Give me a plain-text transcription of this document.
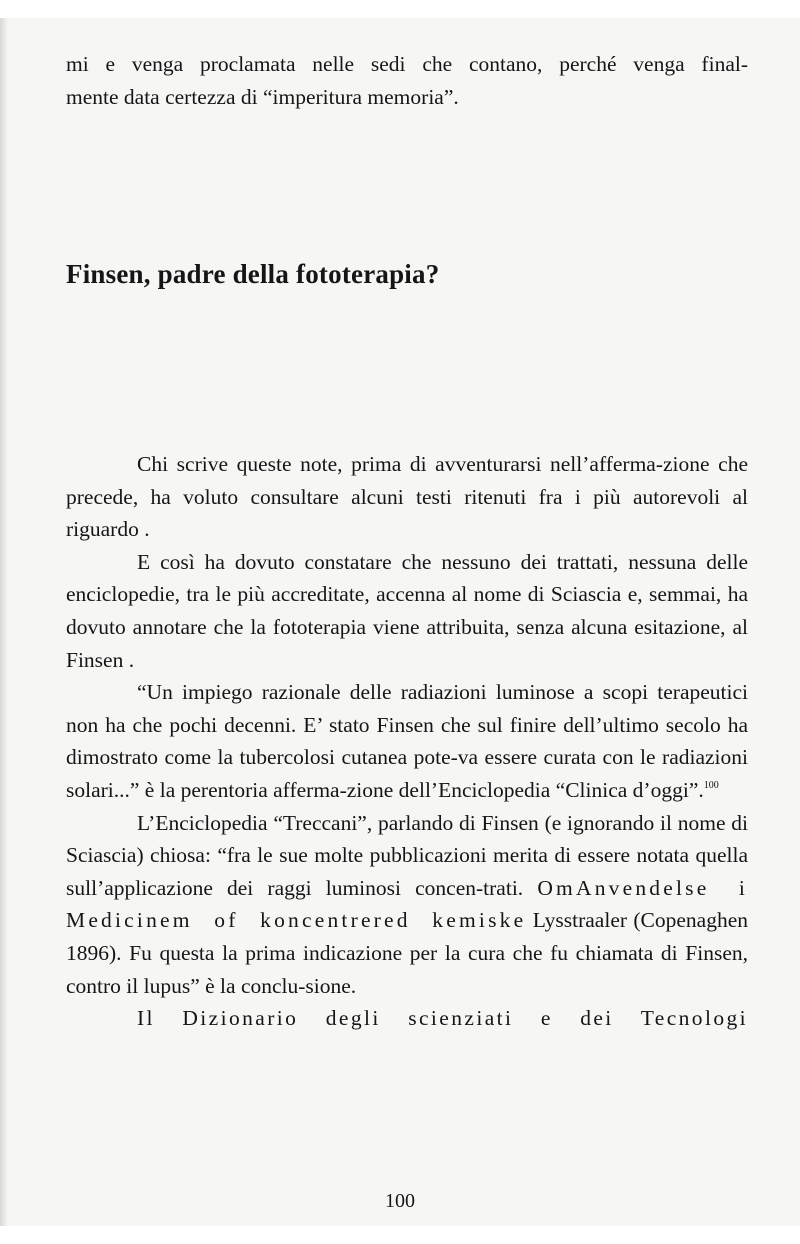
mi e venga proclamata nelle sedi che contano, perché venga final-
mente data certezza di “imperitura memoria”.
Finsen, padre della fototerapia?

Chi scrive queste note, prima di avventurarsi nell’afferma-zione che precede, ha voluto consultare alcuni testi ritenuti fra i più autorevoli al riguardo .

E così ha dovuto constatare che nessuno dei trattati, nessuna delle enciclopedie, tra le più accreditate, accenna al nome di Sciascia e, semmai, ha dovuto annotare che la fototerapia viene attribuita, senza alcuna esitazione, al Finsen .

“Un impiego razionale delle radiazioni luminose a scopi terapeutici non ha che pochi decenni. E’ stato Finsen che sul finire dell’ultimo secolo ha dimostrato come la tubercolosi cutanea pote-va essere curata con le radiazioni solari...” è la perentoria afferma-zione dell’Enciclopedia “Clinica d’oggi”.$^{100}$

L’Enciclopedia “Treccani”, parlando di Finsen (e ignorando il nome di Sciascia) chiosa: “fra le sue molte pubblicazioni merita di essere notata quella sull’applicazione dei raggi luminosi concen-trati. OmAnvendelse i Medicinem of koncentrered kemiske Lysstraaler (Copenaghen 1896). Fu questa la prima indicazione per la cura che fu chiamata di Finsen, contro il lupus” è la conclu-sione.

Il Dizionario degli scienziati e dei Tecnologi

100
